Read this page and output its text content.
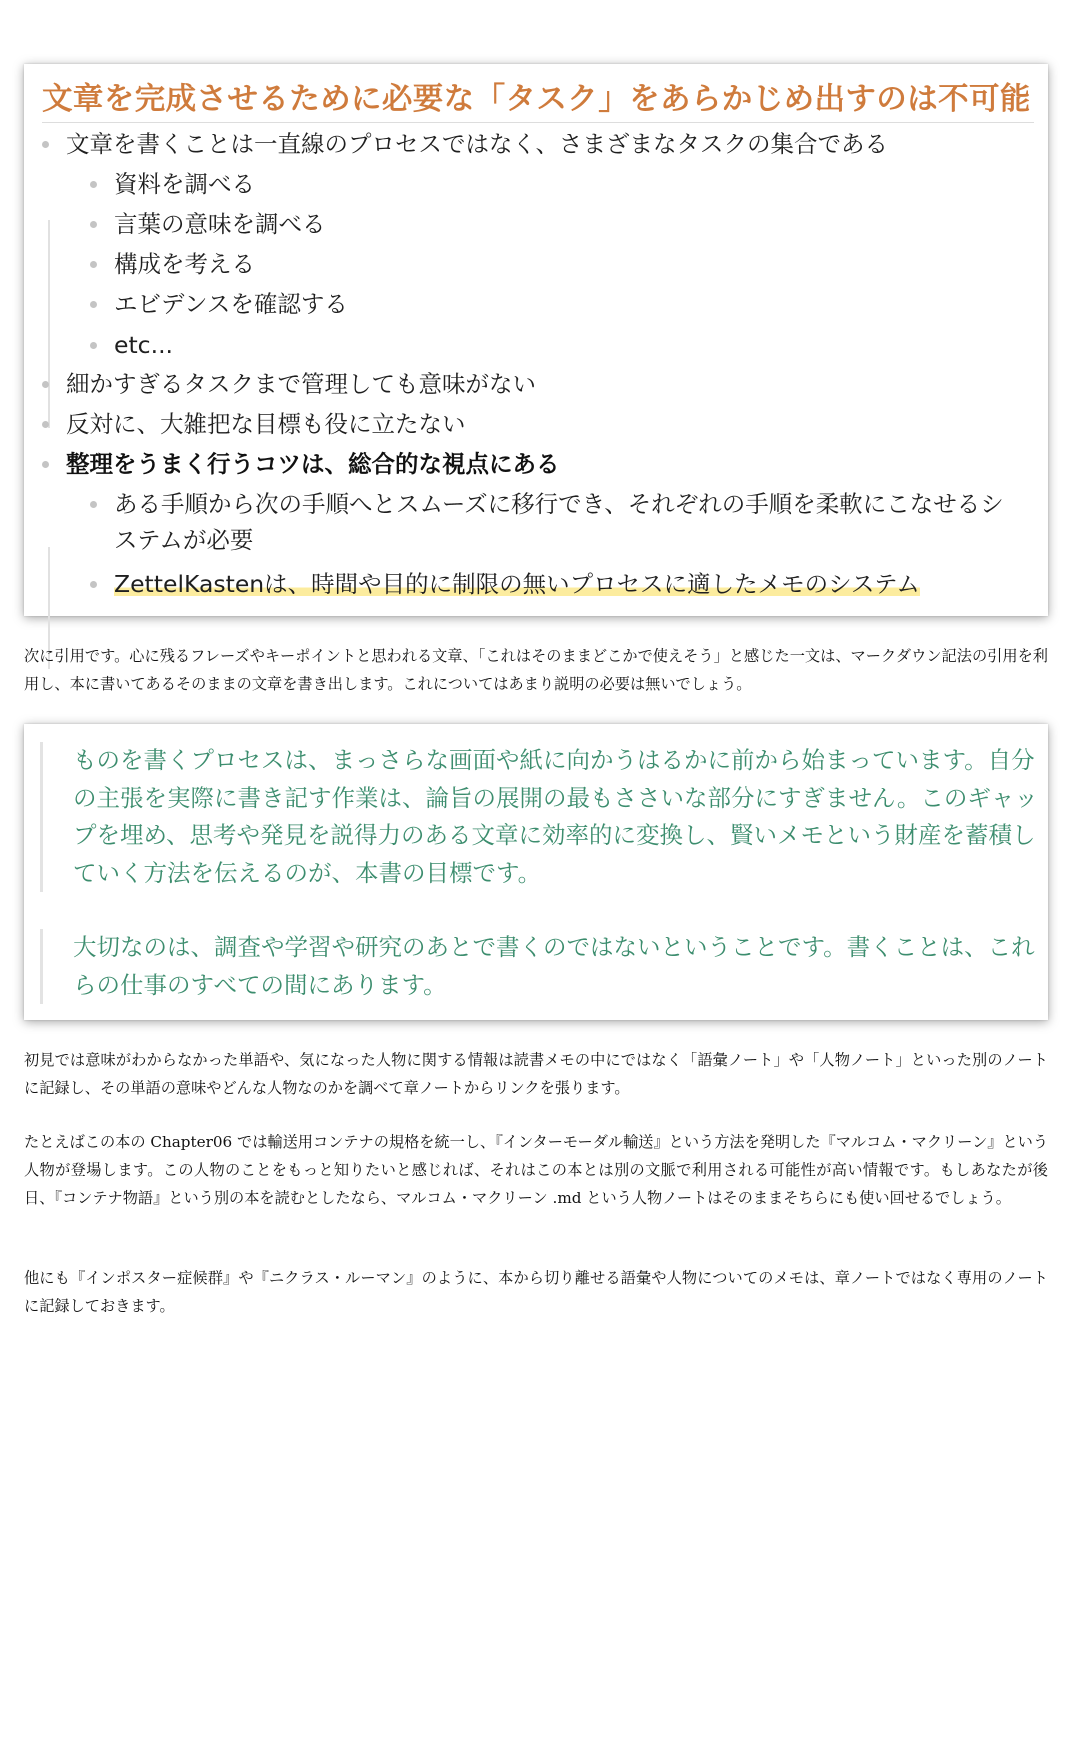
文章を完成させるために必要な「タスク」をあらかじめ出すのは不可能
文章を書くことは一直線のプロセスではなく、さまざまなタスクの集合である
資料を調べる
言葉の意味を調べる
構成を考える
エビデンスを確認する
etc...
細かすぎるタスクまで管理しても意味がない
反対に、大雑把な目標も役に立たない
整理をうまく行うコツは、総合的な視点にある
ある手順から次の手順へとスムーズに移行でき、それぞれの手順を柔軟にこなせるシステムが必要
ZettelKastenは、時間や目的に制限の無いプロセスに適したメモのシステム

次に引用です。心に残るフレーズやキーポイントと思われる文章、「これはそのままどこかで使えそう」と感じた一文は、マークダウン記法の引用を利用し、本に書いてあるそのままの文章を書き出します。これについてはあまり説明の必要は無いでしょう。

ものを書くプロセスは、まっさらな画面や紙に向かうはるかに前から始まっています。自分の主張を実際に書き記す作業は、論旨の展開の最もささいな部分にすぎません。このギャップを埋め、思考や発見を説得力のある文章に効率的に変換し、賢いメモという財産を蓄積していく方法を伝えるのが、本書の目標です。
大切なのは、調査や学習や研究のあとで書くのではないということです。書くことは、これらの仕事のすべての間にあります。

初見では意味がわからなかった単語や、気になった人物に関する情報は読書メモの中にではなく「語彙ノート」や「人物ノート」といった別のノートに記録し、その単語の意味やどんな人物なのかを調べて章ノートからリンクを張ります。

たとえばこの本の Chapter06 では輸送用コンテナの規格を統一し、『インターモーダル輸送』という方法を発明した『マルコム・マクリーン』という人物が登場します。この人物のことをもっと知りたいと感じれば、それはこの本とは別の文脈で利用される可能性が高い情報です。もしあなたが後日、『コンテナ物語』という別の本を読むとしたなら、マルコム・マクリーン .md という人物ノートはそのままそちらにも使い回せるでしょう。

他にも『インポスター症候群』や『ニクラス・ルーマン』のように、本から切り離せる語彙や人物についてのメモは、章ノートではなく専用のノートに記録しておきます。
